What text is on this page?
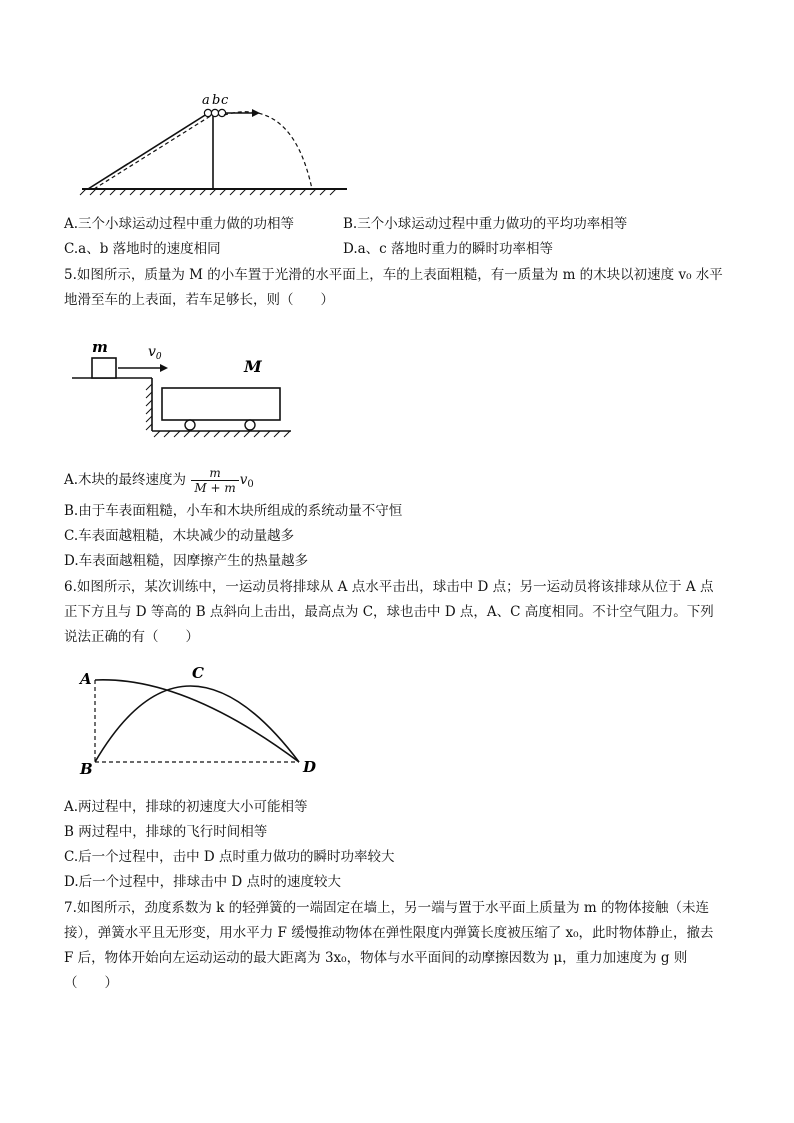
a b c
A.三个小球运动过程中重力做的功相等	B.三个小球运动过程中重力做功的平均功率相等
C.a、b 落地时的速度相同	D.a、c 落地时重力的瞬时功率相等
5.如图所示，质量为 M 的小车置于光滑的水平面上，车的上表面粗糙，有一质量为 m 的木块以初速度 v₀ 水平
地滑至车的上表面，若车足够长，则（　　）
m	$v_0$	M
A.木块的最终速度为 $\frac{m}{M + m} v_0$
B.由于车表面粗糙，小车和木块所组成的系统动量不守恒
C.车表面越粗糙，木块减少的动量越多
D.车表面越粗糙，因摩擦产生的热量越多
6.如图所示，某次训练中，一运动员将排球从 A 点水平击出，球击中 D 点；另一运动员将该排球从位于 A 点
正下方且与 D 等高的 B 点斜向上击出，最高点为 C，球也击中 D 点，A、C 高度相同。不计空气阻力。下列
说法正确的有（　　）
A
B
C
D
A.两过程中，排球的初速度大小可能相等
B 两过程中，排球的飞行时间相等
C.后一个过程中，击中 D 点时重力做功的瞬时功率较大
D.后一个过程中，排球击中 D 点时的速度较大
7.如图所示，劲度系数为 k 的轻弹簧的一端固定在墙上，另一端与置于水平面上质量为 m 的物体接触（未连
接），弹簧水平且无形变，用水平力 F 缓慢推动物体在弹性限度内弹簧长度被压缩了 x₀，此时物体静止，撤去
F 后，物体开始向左运动运动的最大距离为 3x₀，物体与水平面间的动摩擦因数为 μ，重力加速度为 g 则
（　　）
